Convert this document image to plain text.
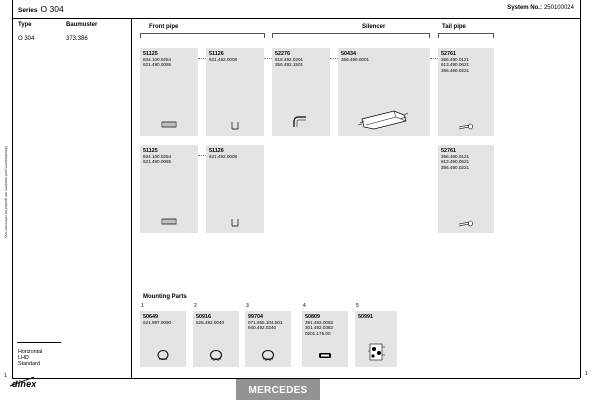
Manufacturers part numbers are quoted for reference only
1	1
Series O 304	System No.: 250100024
Type	Baumuster
O 304	373.386
Front pipe	Silencer	Tail pipe
51125
834.100.0254
621.490.0065
51126
621.492.0008
52276
618.492.0201
356.492.1501
50434
356.490.0001
52761
356.490.0121
613.490.0621
356.490.0221
51125
834.100.0254
621.490.0065
51126
621.492.0008
52761
356.490.0121
613.490.0621
356.490.0221
Mounting Parts
1
50649
621.997.0090
2
50916
625.492.0040
3
99704
071.555.104.501
940.492.0240
4
50809
381.492.0082
301.492.0382
0201.175.00
5
50991
Horizontal
LHD
Standard
dinex
MERCEDES
